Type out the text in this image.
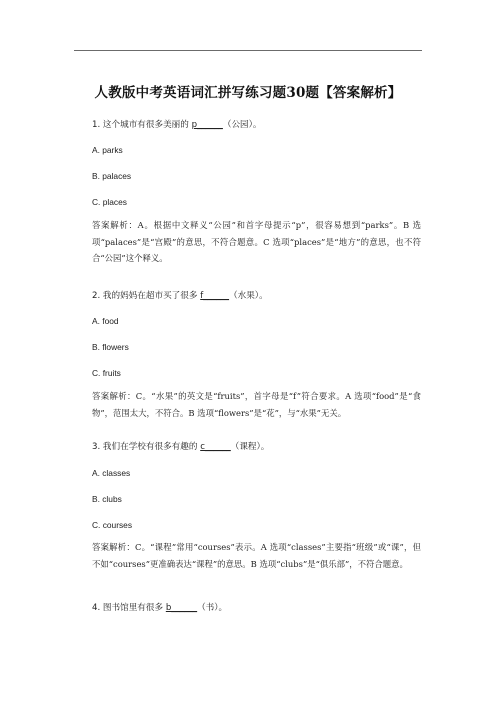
人教版中考英语词汇拼写练习题30题【答案解析】
1. 这个城市有很多美丽的 p______（公园）。
A. parks
B. palaces
C. places
答案解析：A。根据中文释义“公园”和首字母提示“p”，很容易想到“parks”。B 选项“palaces”是“宫殿”的意思，不符合题意。C 选项“places”是“地方”的意思，也不符合“公园”这个释义。
2. 我的妈妈在超市买了很多 f______（水果）。
A. food
B. flowers
C. fruits
答案解析：C。“水果”的英文是“fruits”，首字母是“f”符合要求。A 选项“food”是“食物”，范围太大，不符合。B 选项“flowers”是“花”，与“水果”无关。
3. 我们在学校有很多有趣的 c______（课程）。
A. classes
B. clubs
C. courses
答案解析：C。“课程”常用“courses”表示。A 选项“classes”主要指“班级”或“课”，但不如“courses”更准确表达“课程”的意思。B 选项“clubs”是“俱乐部”，不符合题意。
4. 图书馆里有很多 b______（书）。
